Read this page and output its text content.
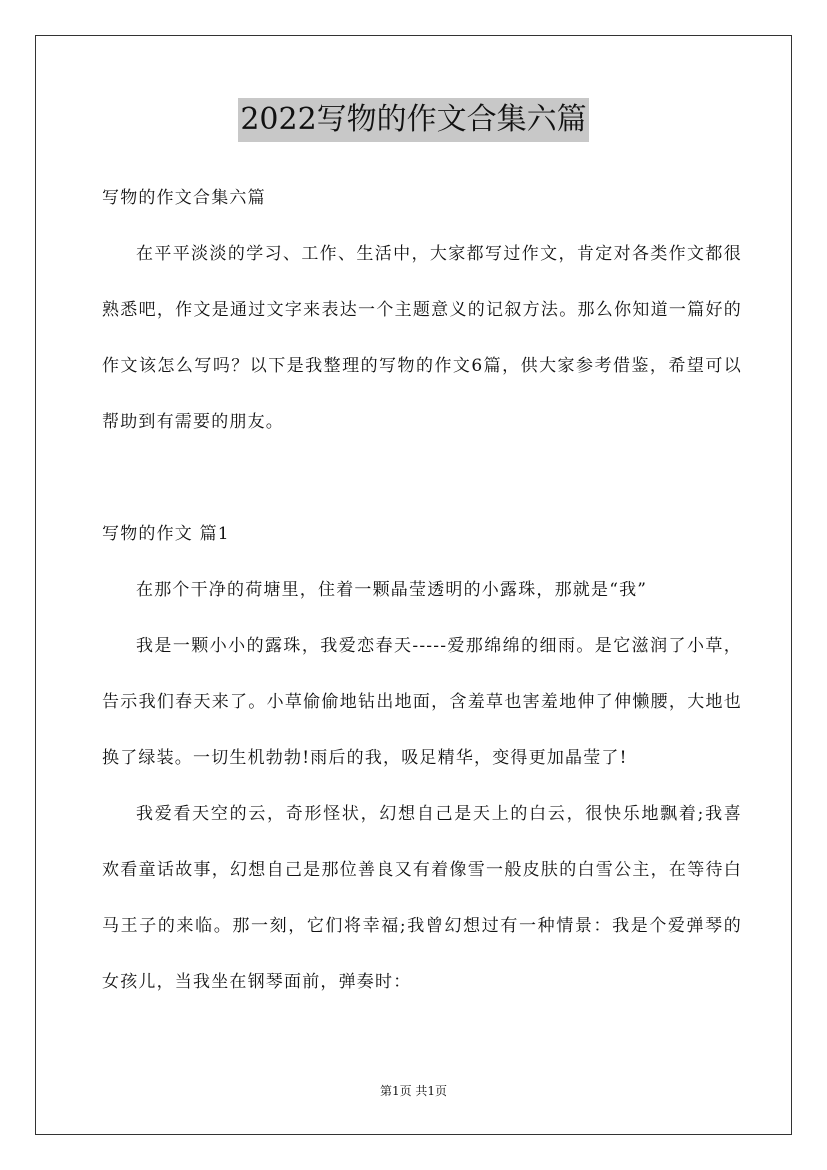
2022写物的作文合集六篇

写物的作文合集六篇

在平平淡淡的学习、工作、生活中，大家都写过作文，肯定对各类作文都很熟悉吧，作文是通过文字来表达一个主题意义的记叙方法。那么你知道一篇好的作文该怎么写吗？以下是我整理的写物的作文6篇，供大家参考借鉴，希望可以帮助到有需要的朋友。

写物的作文 篇1

在那个干净的荷塘里，住着一颗晶莹透明的小露珠，那就是“我”

我是一颗小小的露珠，我爱恋春天-----爱那绵绵的细雨。是它滋润了小草，告示我们春天来了。小草偷偷地钻出地面，含羞草也害羞地伸了伸懒腰，大地也换了绿装。一切生机勃勃!雨后的我，吸足精华，变得更加晶莹了!

我爱看天空的云，奇形怪状，幻想自己是天上的白云，很快乐地飘着;我喜欢看童话故事，幻想自己是那位善良又有着像雪一般皮肤的白雪公主，在等待白马王子的来临。那一刻，它们将幸福;我曾幻想过有一种情景：我是个爱弹琴的女孩儿，当我坐在钢琴面前，弹奏时：

第1页 共1页
